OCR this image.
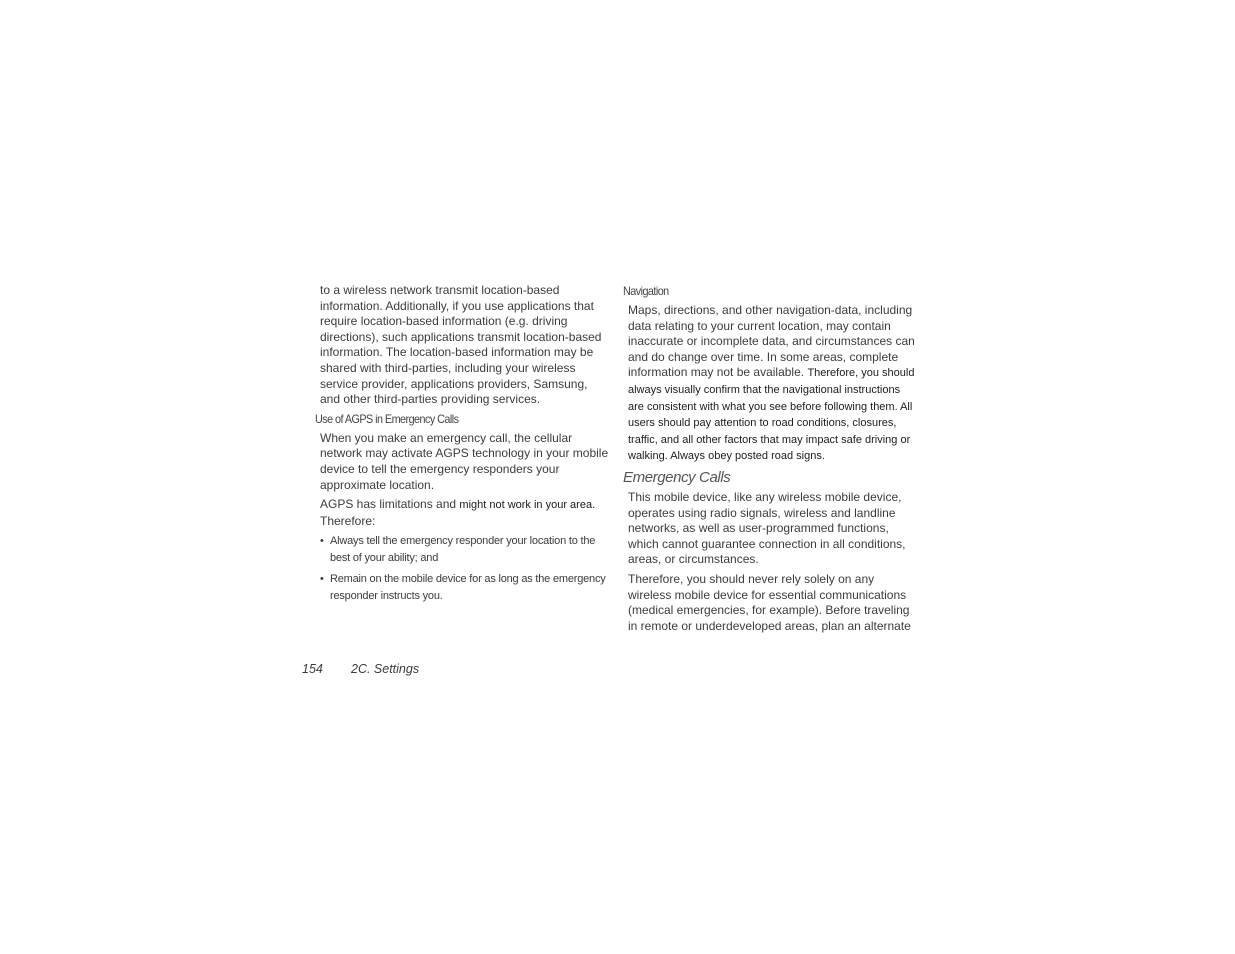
to a wireless network transmit location-based information. Additionally, if you use applications that require location-based information (e.g. driving directions), such applications transmit location-based information. The location-based information may be shared with third-parties, including your wireless service provider, applications providers, Samsung, and other third-parties providing services.

Use of AGPS in Emergency Calls

When you make an emergency call, the cellular network may activate AGPS technology in your mobile device to tell the emergency responders your approximate location.

AGPS has limitations and might not work in your area. Therefore:

• Always tell the emergency responder your location to the best of your ability; and
• Remain on the mobile device for as long as the emergency responder instructs you.
Navigation

Maps, directions, and other navigation-data, including data relating to your current location, may contain inaccurate or incomplete data, and circumstances can and do change over time. In some areas, complete information may not be available. Therefore, you should always visually confirm that the navigational instructions are consistent with what you see before following them. All users should pay attention to road conditions, closures, traffic, and all other factors that may impact safe driving or walking. Always obey posted road signs.

Emergency Calls

This mobile device, like any wireless mobile device, operates using radio signals, wireless and landline networks, as well as user-programmed functions, which cannot guarantee connection in all conditions, areas, or circumstances.

Therefore, you should never rely solely on any wireless mobile device for essential communications (medical emergencies, for example). Before traveling in remote or underdeveloped areas, plan an alternate

154 2C. Settings
